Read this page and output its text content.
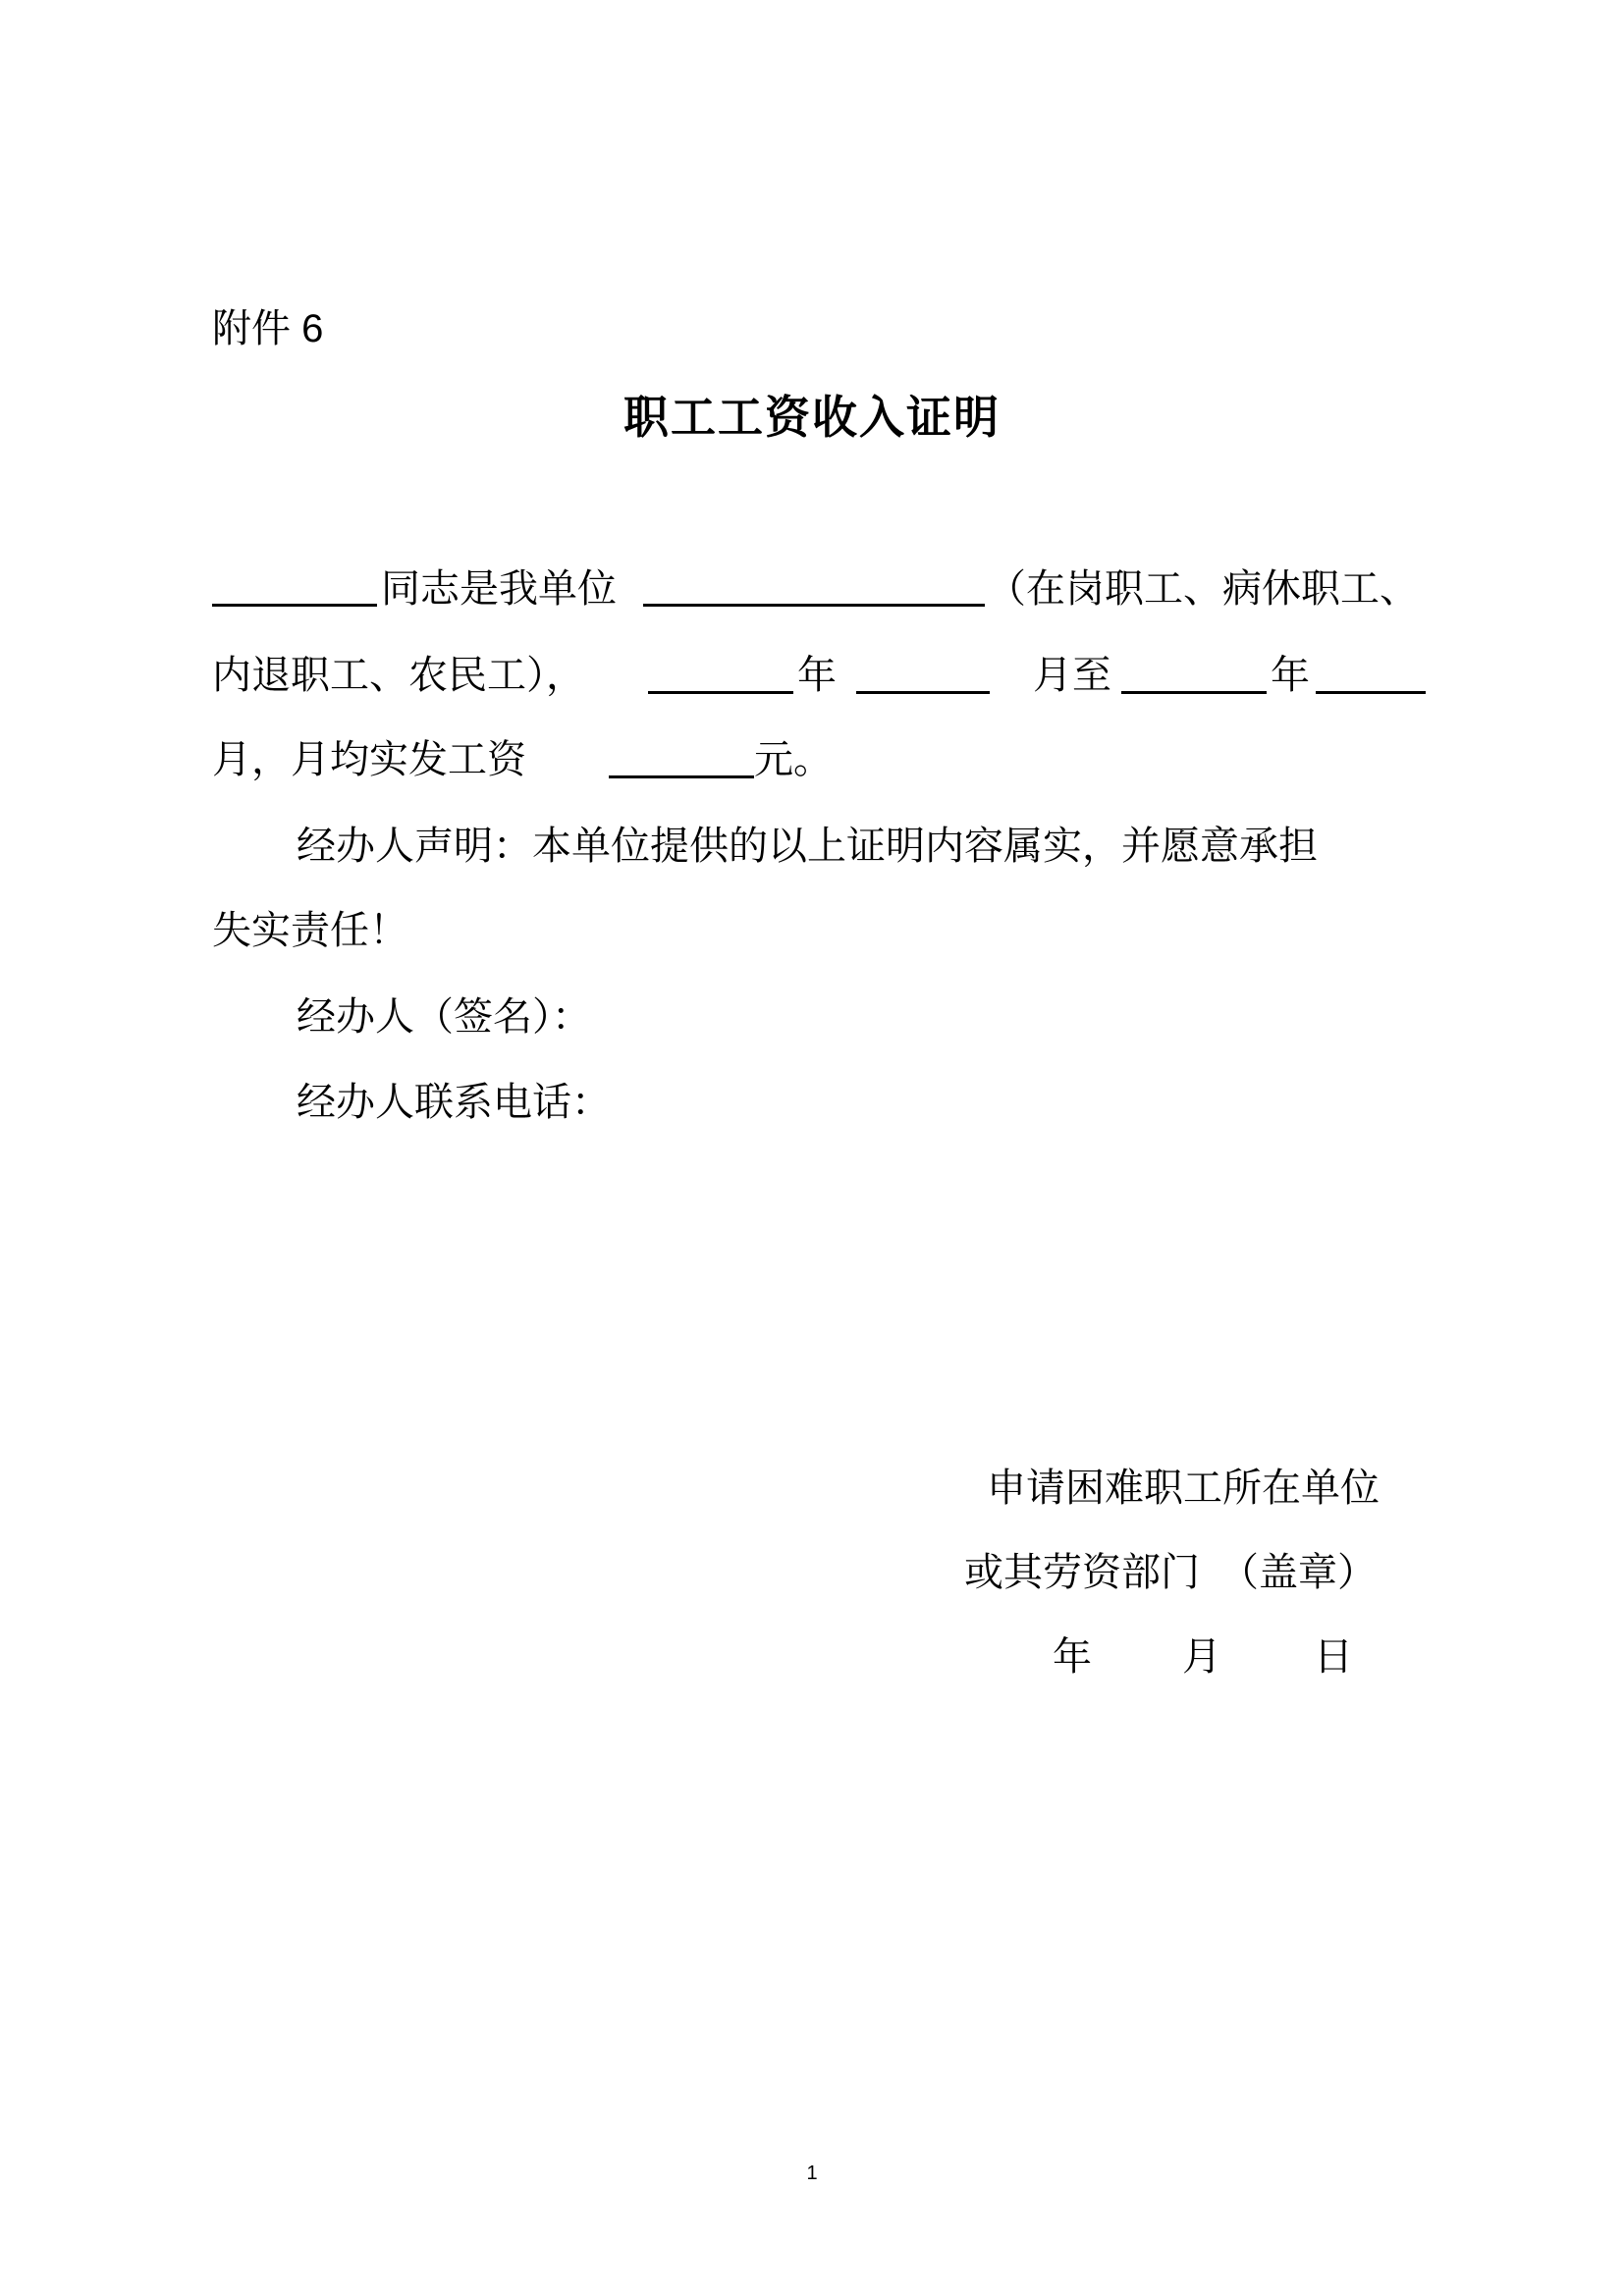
附件 6
职工工资收入证明
同志是我单位	（在岗职工、病休职工、
内退职工、农民工），	年	月至	年
月，月均实发工资	元。
经办人声明：本单位提供的以上证明内容属实，并愿意承担
失实责任！
经办人（签名）：
经办人联系电话：
申请困难职工所在单位
或其劳资部门　（盖章）
年 月 日
1
